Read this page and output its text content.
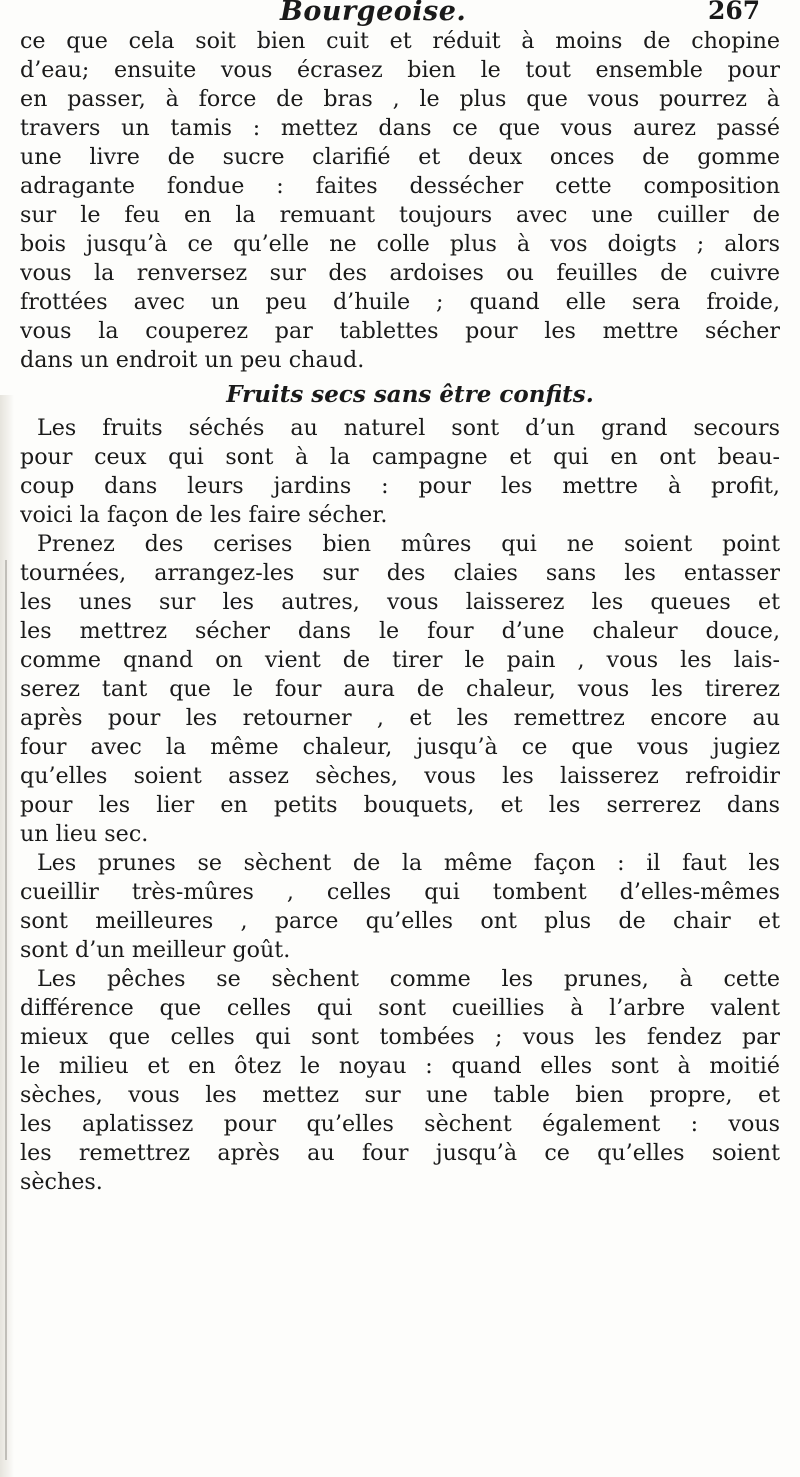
Bourgeoise.	267
ce que cela soit bien cuit et réduit à moins de chopine
d’eau; ensuite vous écrasez bien le tout ensemble pour
en passer, à force de bras , le plus que vous pourrez à
travers un tamis : mettez dans ce que vous aurez passé
une livre de sucre clarifié et deux onces de gomme
adragante fondue : faites dessécher cette composition
sur le feu en la remuant toujours avec une cuiller de
bois jusqu’à ce qu’elle ne colle plus à vos doigts ; alors
vous la renversez sur des ardoises ou feuilles de cuivre
frottées avec un peu d’huile ; quand elle sera froide,
vous la couperez par tablettes pour les mettre sécher
dans un endroit un peu chaud.
Fruits secs sans être confits.
Les fruits séchés au naturel sont d’un grand secours
pour ceux qui sont à la campagne et qui en ont beau-
coup dans leurs jardins : pour les mettre à profit,
voici la façon de les faire sécher.
Prenez des cerises bien mûres qui ne soient point
tournées, arrangez-les sur des claies sans les entasser
les unes sur les autres, vous laisserez les queues et
les mettrez sécher dans le four d’une chaleur douce,
comme qnand on vient de tirer le pain , vous les lais-
serez tant que le four aura de chaleur, vous les tirerez
après pour les retourner , et les remettrez encore au
four avec la même chaleur, jusqu’à ce que vous jugiez
qu’elles soient assez sèches, vous les laisserez refroidir
pour les lier en petits bouquets, et les serrerez dans
un lieu sec.
Les prunes se sèchent de la même façon : il faut les
cueillir très-mûres , celles qui tombent d’elles-mêmes
sont meilleures , parce qu’elles ont plus de chair et
sont d’un meilleur goût.
Les pêches se sèchent comme les prunes, à cette
différence que celles qui sont cueillies à l’arbre valent
mieux que celles qui sont tombées ; vous les fendez par
le milieu et en ôtez le noyau : quand elles sont à moitié
sèches, vous les mettez sur une table bien propre, et
les aplatissez pour qu’elles sèchent également : vous
les remettrez après au four jusqu’à ce qu’elles soient
sèches.
